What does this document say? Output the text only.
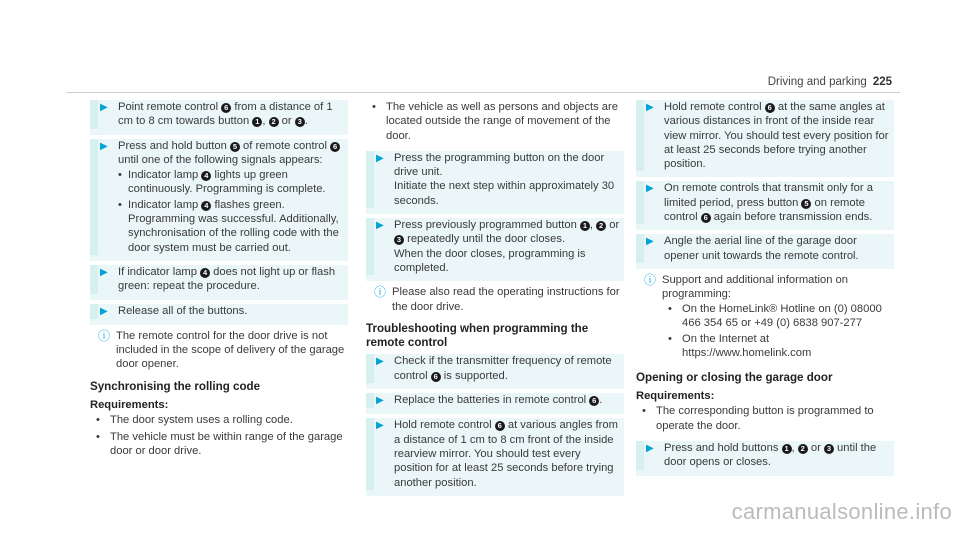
Driving and parking 225
▶ Point remote control 6 from a distance of 1 cm to 8 cm towards button 1 , 2 or 3 .
▶ Press and hold button 5 of remote control 6 until one of the following signals appears:
• Indicator lamp 4 lights up green continuously. Programming is complete.
• Indicator lamp 4 flashes green. Programming was successful. Additionally, synchronisation of the rolling code with the door system must be carried out.
▶ If indicator lamp 4 does not light up or flash green: repeat the procedure.
▶ Release all of the buttons.
ⓘ The remote control for the door drive is not included in the scope of delivery of the garage door opener.
Synchronising the rolling code
Requirements:
• The door system uses a rolling code.
• The vehicle must be within range of the garage door or door drive.
• The vehicle as well as persons and objects are located outside the range of movement of the door.
▶ Press the programming button on the door drive unit.
Initiate the next step within approximately 30 seconds.
▶ Press previously programmed button 1 , 2 or 3 repeatedly until the door closes.
When the door closes, programming is completed.
ⓘ Please also read the operating instructions for the door drive.
Troubleshooting when programming the remote control
▶ Check if the transmitter frequency of remote control 6 is supported.
▶ Replace the batteries in remote control 6 .
▶ Hold remote control 6 at various angles from a distance of 1 cm to 8 cm front of the inside rearview mirror. You should test every position for at least 25 seconds before trying another position.
▶ Hold remote control 6 at the same angles at various distances in front of the inside rear view mirror. You should test every position for at least 25 seconds before trying another position.
▶ On remote controls that transmit only for a limited period, press button 5 on remote control 6 again before transmission ends.
▶ Angle the aerial line of the garage door opener unit towards the remote control.
ⓘ Support and additional information on programming:
• On the HomeLink® Hotline on (0) 08000 466 354 65 or +49 (0) 6838 907-277
• On the Internet at https://www.homelink.com
Opening or closing the garage door
Requirements:
• The corresponding button is programmed to operate the door.
▶ Press and hold buttons 1 , 2 or 3 until the door opens or closes.
carmanualsonline.info
